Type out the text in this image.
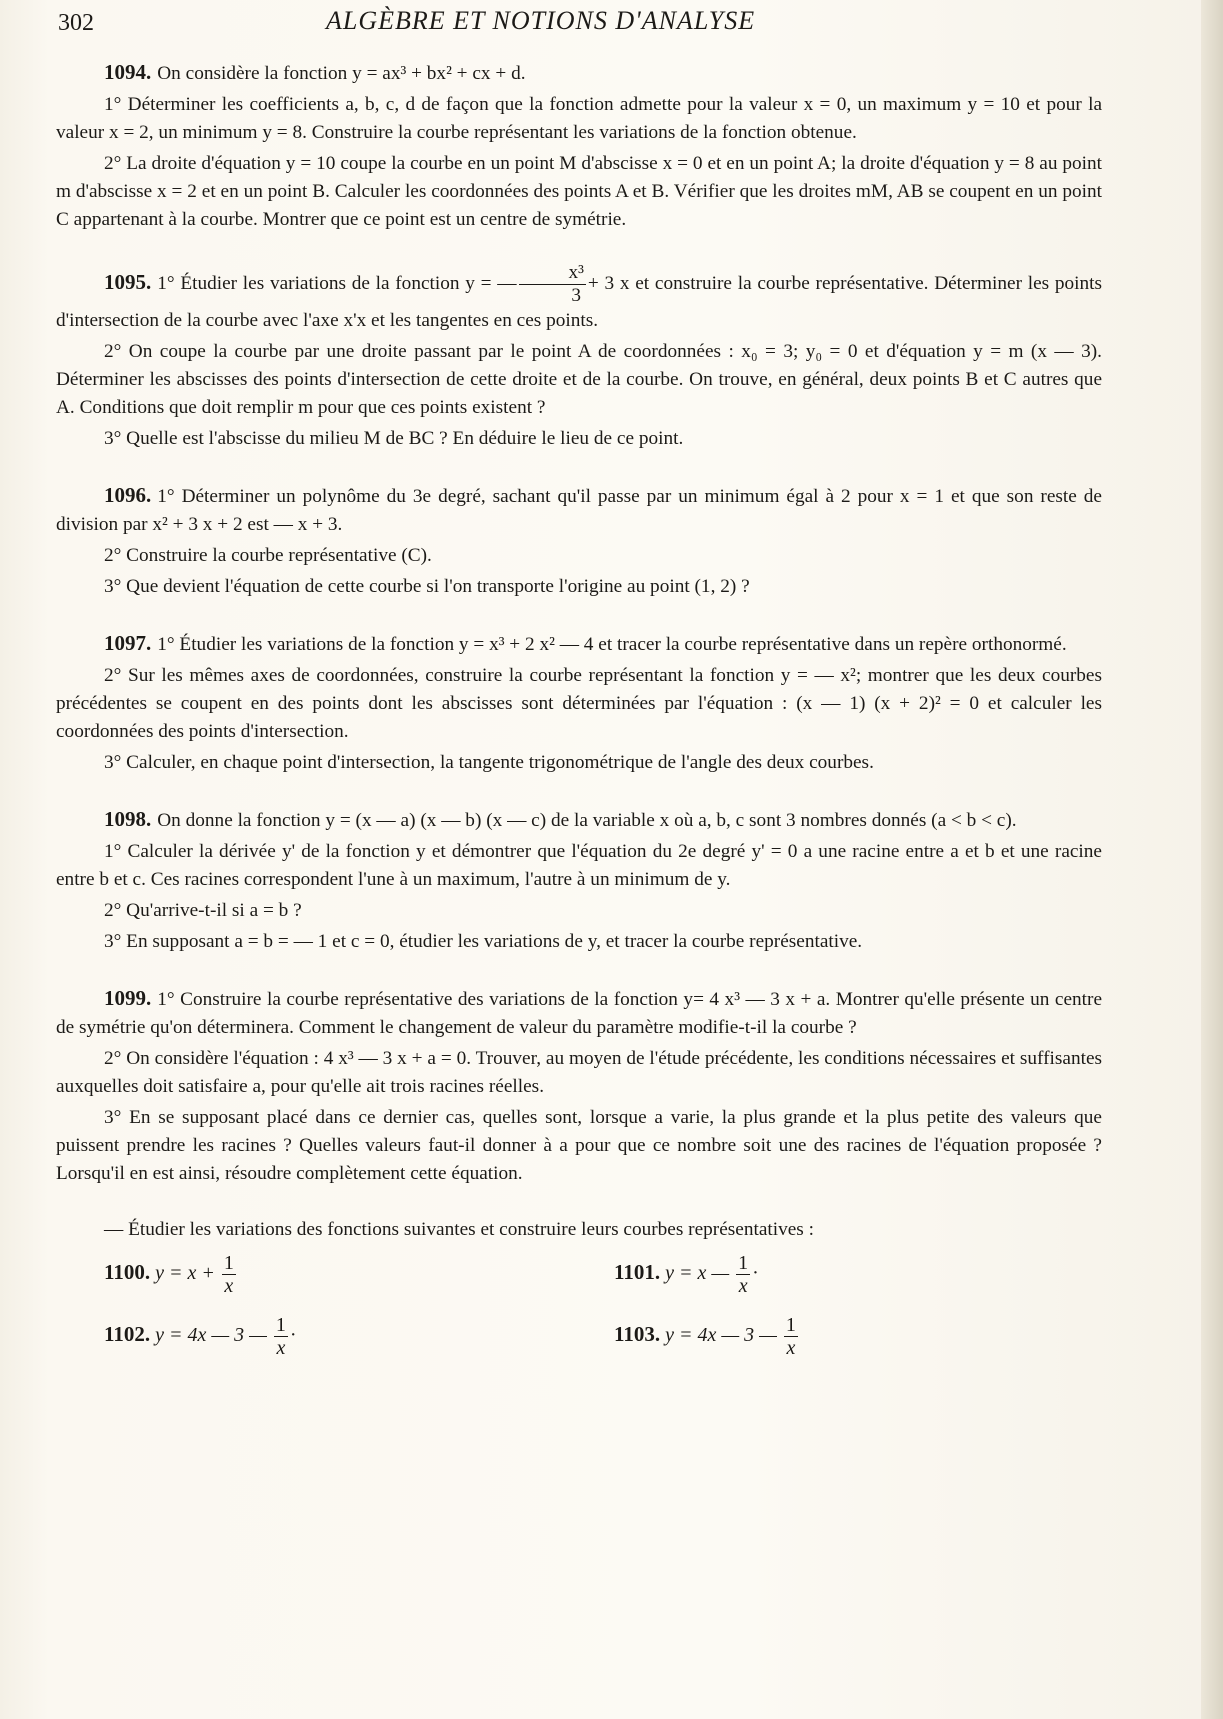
302	ALGÈBRE ET NOTIONS D'ANALYSE

1094. On considère la fonction y = ax³ + bx² + cx + d.

1° Déterminer les coefficients a, b, c, d de façon que la fonction admette pour la valeur x = 0, un maximum y = 10 et pour la valeur x = 2, un minimum y = 8. Construire la courbe représentant les variations de la fonction obtenue.

2° La droite d'équation y = 10 coupe la courbe en un point M d'abscisse x = 0 et en un point A; la droite d'équation y = 8 au point m d'abscisse x = 2 et en un point B. Calculer les coordonnées des points A et B. Vérifier que les droites mM, AB se coupent en un point C appartenant à la courbe. Montrer que ce point est un centre de symétrie.

1095. 1° Étudier les variations de la fonction y = — $\frac{\text{x³}}{3} + 3$ x et construire la courbe représentative. Déterminer les points d'intersection de la courbe avec l'axe x'x et les tangentes en ces points.

2° On coupe la courbe par une droite passant par le point A de coordonnées : x₀ = 3; y₀ = 0 et d'équation y = m (x — 3). Déterminer les abscisses des points d'intersection de cette droite et de la courbe. On trouve, en général, deux points B et C autres que A. Conditions que doit remplir m pour que ces points existent ?

3° Quelle est l'abscisse du milieu M de BC ? En déduire le lieu de ce point.

1096. 1° Déterminer un polynôme du 3e degré, sachant qu'il passe par un minimum égal à 2 pour x = 1 et que son reste de division par x² + 3 x + 2 est — x + 3.

2° Construire la courbe représentative (C).

3° Que devient l'équation de cette courbe si l'on transporte l'origine au point (1, 2) ?

1097. 1° Étudier les variations de la fonction y = x³ + 2 x² — 4 et tracer la courbe représentative dans un repère orthonormé.

2° Sur les mêmes axes de coordonnées, construire la courbe représentant la fonction y = — x²; montrer que les deux courbes précédentes se coupent en des points dont les abscisses sont déterminées par l'équation : (x — 1) (x + 2)² = 0 et calculer les coordonnées des points d'intersection.

3° Calculer, en chaque point d'intersection, la tangente trigonométrique de l'angle des deux courbes.

1098. On donne la fonction y = (x — a) (x — b) (x — c) de la variable x où a, b, c sont 3 nombres donnés (a < b < c).

1° Calculer la dérivée y' de la fonction y et démontrer que l'équation du 2e degré y' = 0 a une racine entre a et b et une racine entre b et c. Ces racines correspondent l'une à un maximum, l'autre à un minimum de y.

2° Qu'arrive-t-il si a = b ?

3° En supposant a = b = — 1 et c = 0, étudier les variations de y, et tracer la courbe représentative.

1099. 1° Construire la courbe représentative des variations de la fonction y= 4 x³ — 3 x + a. Montrer qu'elle présente un centre de symétrie qu'on déterminera. Comment le changement de valeur du paramètre modifie-t-il la courbe ?

2° On considère l'équation : 4 x³ — 3 x + a = 0. Trouver, au moyen de l'étude précédente, les conditions nécessaires et suffisantes auxquelles doit satisfaire a, pour qu'elle ait trois racines réelles.

3° En se supposant placé dans ce dernier cas, quelles sont, lorsque a varie, la plus grande et la plus petite des valeurs que puissent prendre les racines ? Quelles valeurs faut-il donner à a pour que ce nombre soit une des racines de l'équation proposée ? Lorsqu'il en est ainsi, résoudre complètement cette équation.

— Étudier les variations des fonctions suivantes et construire leurs courbes représentatives :

1100. $y = x + \frac{1}{x}$	1101. y = x — $\frac{1}{x}$ ·
1102. y = 4x — 3 — $\frac{1}{x}$ ·	1103. y = 4x — 3 — $\frac{1}{x}$
